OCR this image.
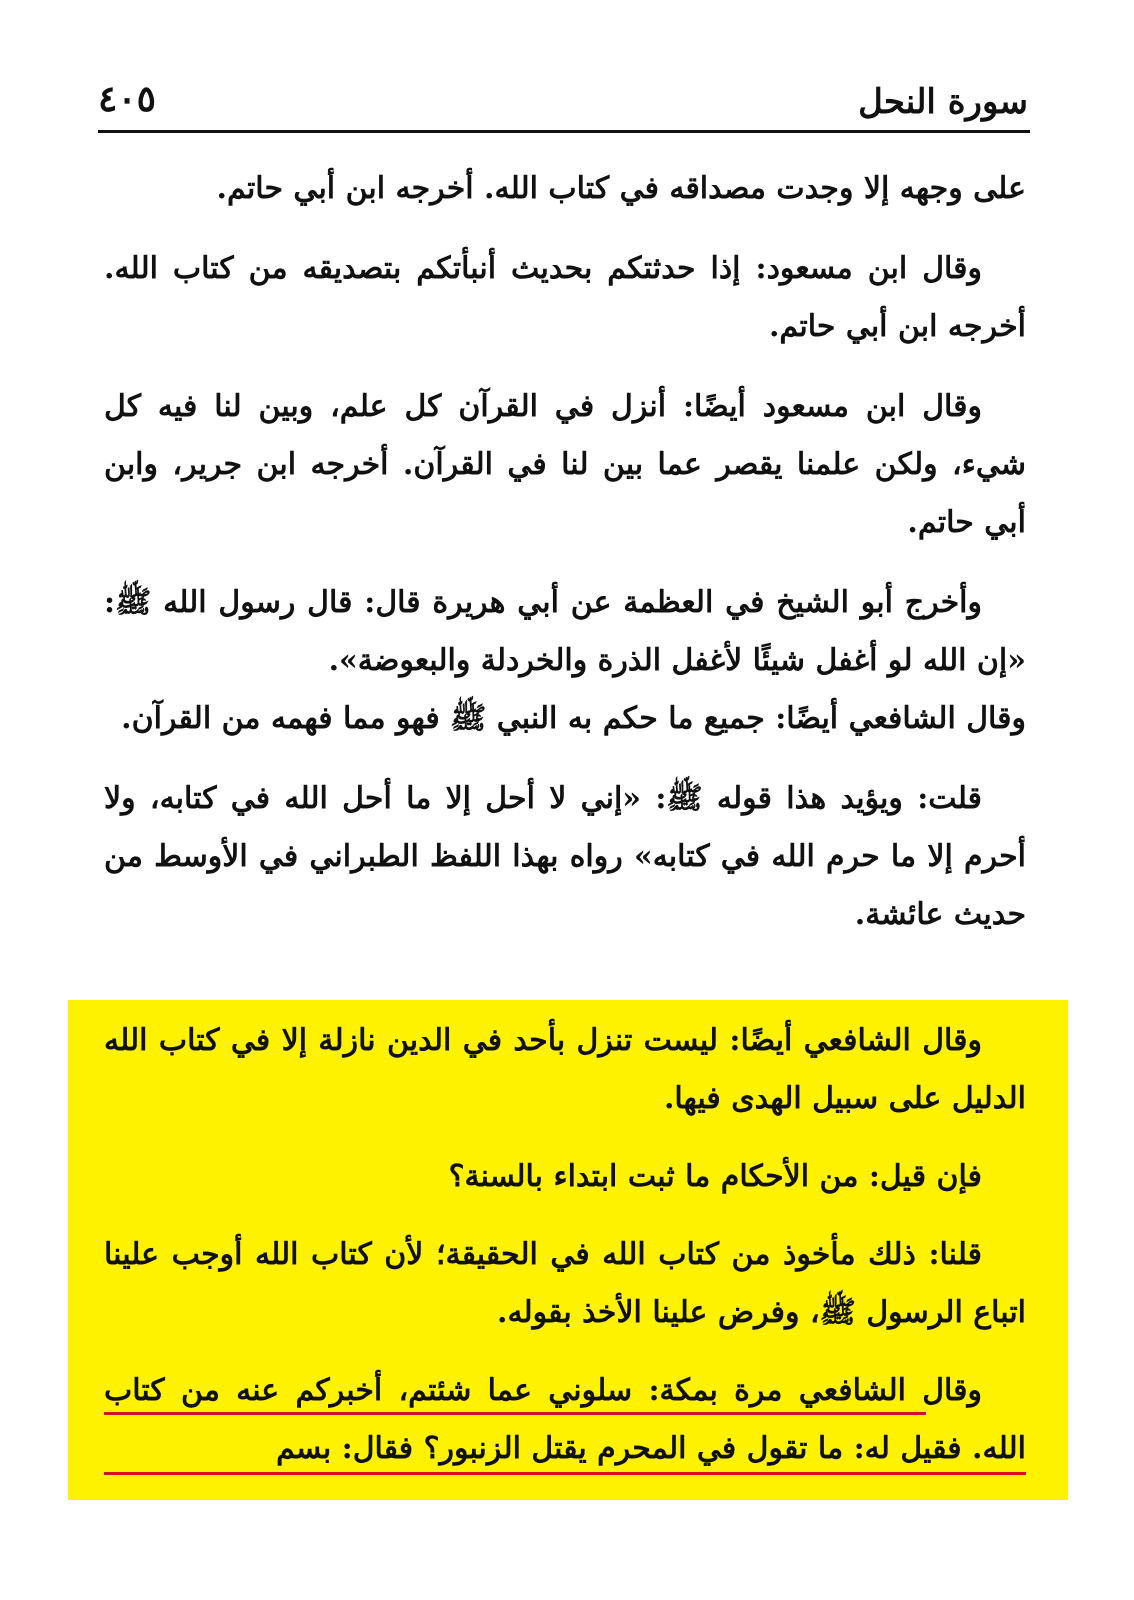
سورة النحل
٤٠٥

على وجهه إلا وجدت مصداقه في كتاب الله. أخرجه ابن أبي حاتم.

وقال ابن مسعود: إذا حدثتكم بحديث أنبأتكم بتصديقه من كتاب الله. أخرجه ابن أبي حاتم.

وقال ابن مسعود أيضًا: أنزل في القرآن كل علم، وبين لنا فيه كل شيء، ولكن علمنا يقصر عما بين لنا في القرآن. أخرجه ابن جرير، وابن أبي حاتم.

وأخرج أبو الشيخ في العظمة عن أبي هريرة قال: قال رسول الله ﷺ: «إن الله لو أغفل شيئًا لأغفل الذرة والخردلة والبعوضة».

وقال الشافعي أيضًا: جميع ما حكم به النبي ﷺ فهو مما فهمه من القرآن.

قلت: ويؤيد هذا قوله ﷺ: «إني لا أحل إلا ما أحل الله في كتابه، ولا أحرم إلا ما حرم الله في كتابه» رواه بهذا اللفظ الطبراني في الأوسط من حديث عائشة.

وقال الشافعي أيضًا: ليست تنزل بأحد في الدين نازلة إلا في كتاب الله الدليل على سبيل الهدى فيها.

فإن قيل: من الأحكام ما ثبت ابتداء بالسنة؟

قلنا: ذلك مأخوذ من كتاب الله في الحقيقة؛ لأن كتاب الله أوجب علينا اتباع الرسول ﷺ، وفرض علينا الأخذ بقوله.

وقال الشافعي مرة بمكة: سلوني عما شئتم، أخبركم عنه من كتاب الله. فقيل له: ما تقول في المحرم يقتل الزنبور؟ فقال: بسم
